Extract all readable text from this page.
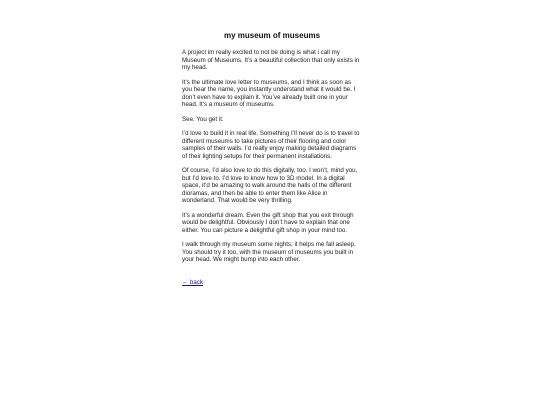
my museum of museums

A project im really excited to not be doing is what i call my Museum of Museums. It’s a beautiful collection that only exists in my head.

It’s the ultimate love letter to museums, and I think as soon as you hear the name, you instantly understand what it would be. I don’t even have to explain it. You’ve already built one in your head. It’s a museum of museums.

See. You get it.

I’d love to build it in real life. Something I’ll never do is to travel to different museums to take pictures of their flooring and color samples of their walls. I’d really enjoy making detailed diagrams of their lighting setups for their permanent installations.

Of course, I’d also love to do this digitally, too. I won’t, mind you, but I’d love to. I’d love to know how to 3D model. In a digital space, it’d be amazing to walk around the halls of the different dioramas, and then be able to enter them like Alice in wonderland. That would be very thrilling.

It’s a wonderful dream. Even the gift shop that you exit through would be delightful. Obviously I don’t have to explain that one either. You can picture a delightful gift shop in your mind too.

I walk through my museum some nights; it helps me fall asleep. You should try it too, with the museum of museums you built in your head. We might bump into each other.

← back
